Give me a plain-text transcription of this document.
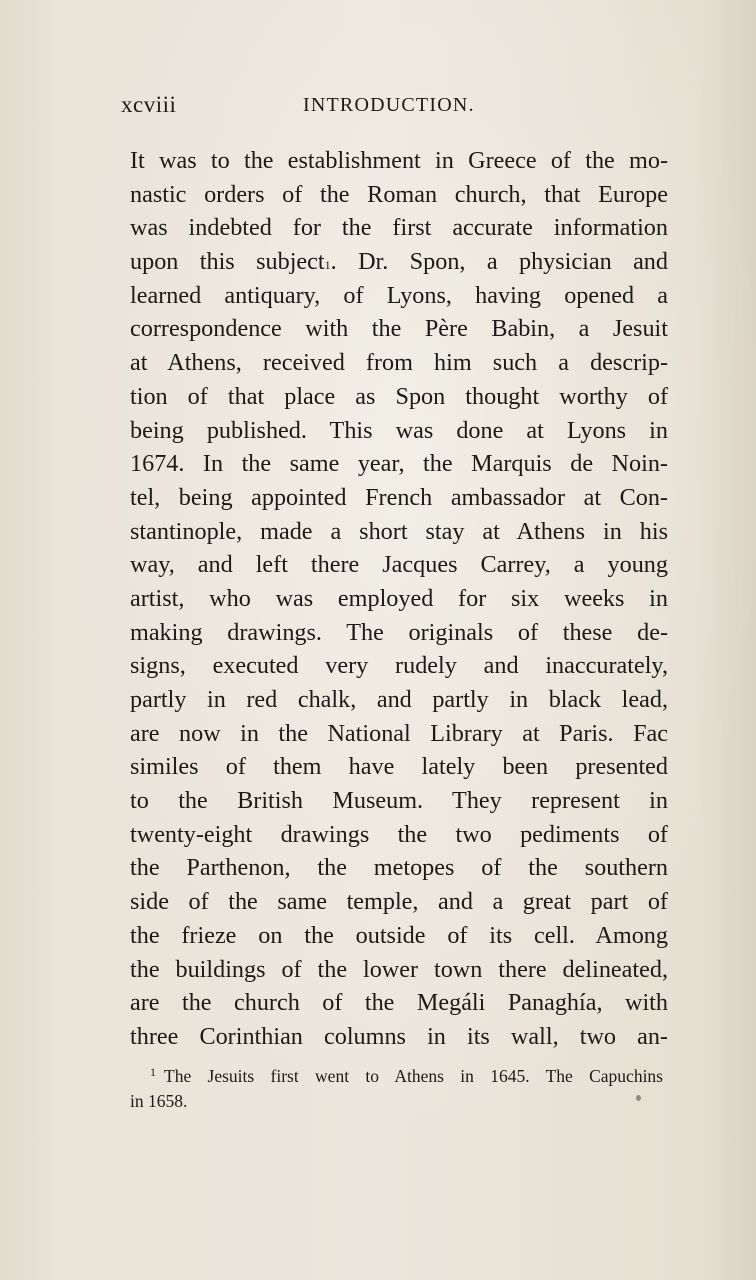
xcviii	INTRODUCTION.
It was to the establishment in Greece of the mo-
nastic orders of the Roman church, that Europe
was indebted for the first accurate information
upon this subject1. Dr. Spon, a physician and
learned antiquary, of Lyons, having opened a
correspondence with the Père Babin, a Jesuit
at Athens, received from him such a descrip-
tion of that place as Spon thought worthy of
being published. This was done at Lyons in
1674. In the same year, the Marquis de Noin-
tel, being appointed French ambassador at Con-
stantinople, made a short stay at Athens in his
way, and left there Jacques Carrey, a young
artist, who was employed for six weeks in
making drawings. The originals of these de-
signs, executed very rudely and inaccurately,
partly in red chalk, and partly in black lead,
are now in the National Library at Paris. Fac
similes of them have lately been presented
to the British Museum. They represent in
twenty-eight drawings the two pediments of
the Parthenon, the metopes of the southern
side of the same temple, and a great part of
the frieze on the outside of its cell. Among
the buildings of the lower town there delineated,
are the church of the Megáli Panaghía, with
three Corinthian columns in its wall, two an-
$^1$ The Jesuits first went to Athens in 1645. The Capuchins
in 1658.
